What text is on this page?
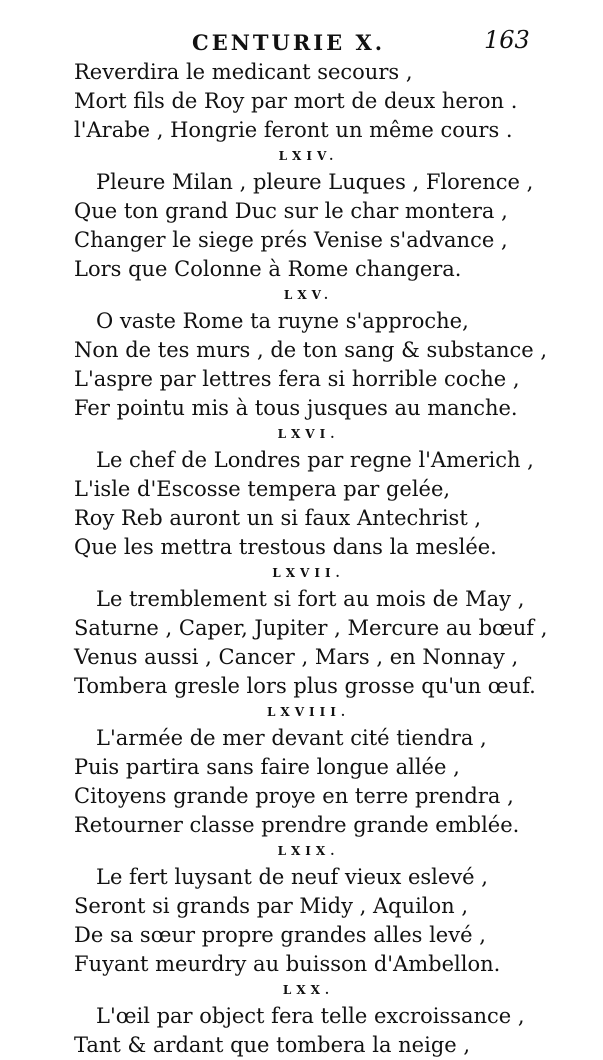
CENTURIE X.	163
Reverdira le medicant secours ,
Mort fils de Roy par mort de deux heron .
l'Arabe , Hongrie feront un même cours .
LXIV.
Pleure Milan , pleure Luques , Florence ,
Que ton grand Duc sur le char montera ,
Changer le siege prés Venise s'advance ,
Lors que Colonne à Rome changera.
LXV.
O vaste Rome ta ruyne s'approche,
Non de tes murs , de ton sang & substance ,
L'aspre par lettres fera si horrible coche ,
Fer pointu mis à tous jusques au manche.
LXVI.
Le chef de Londres par regne l'Americh ,
L'isle d'Escosse tempera par gelée,
Roy Reb auront un si faux Antechrist ,
Que les mettra trestous dans la meslée.
LXVII.
Le tremblement si fort au mois de May ,
Saturne , Caper, Jupiter , Mercure au bœuf ,
Venus aussi , Cancer , Mars , en Nonnay ,
Tombera gresle lors plus grosse qu'un œuf.
LXVIII.
L'armée de mer devant cité tiendra ,
Puis partira sans faire longue allée ,
Citoyens grande proye en terre prendra ,
Retourner classe prendre grande emblée.
LXIX.
Le fert luysant de neuf vieux eslevé ,
Seront si grands par Midy , Aquilon ,
De sa sœur propre grandes alles levé ,
Fuyant meurdry au buisson d'Ambellon.
LXX.
L'œil par object fera telle excroissance ,
Tant & ardant que tombera la neige ,
